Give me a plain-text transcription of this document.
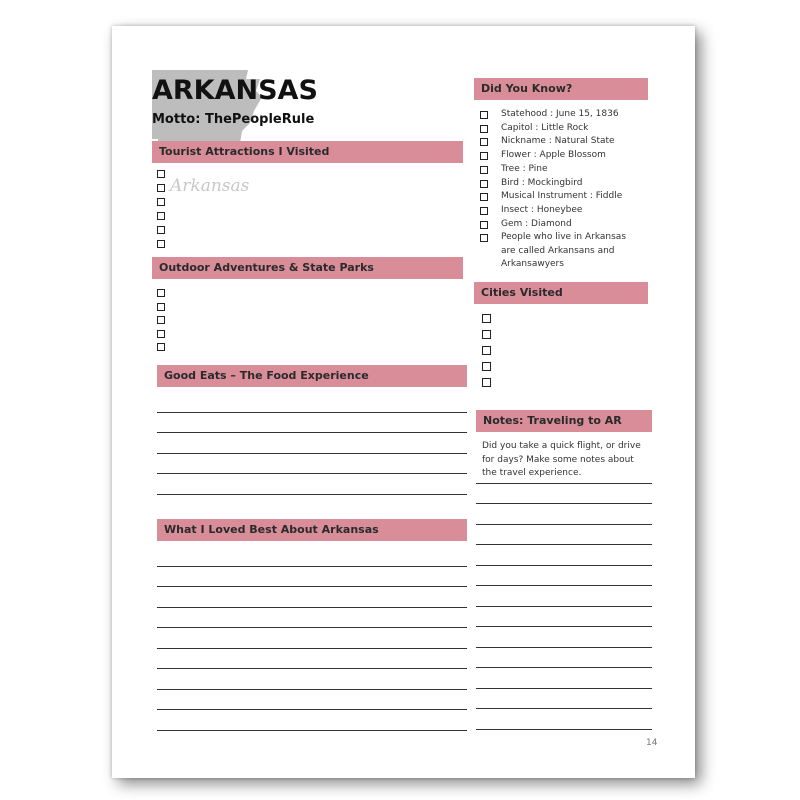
ARKANSAS

Motto: ThePeopleRule

Tourist Attractions I Visited
Arkansas
Outdoor Adventures & State Parks
Good Eats – The Food Experience
What I Loved Best About Arkansas
Did You Know?
Statehood : June 15, 1836
Capitol : Little Rock
Nickname : Natural State
Flower : Apple Blossom
Tree : Pine
Bird : Mockingbird
Musical Instrument : Fiddle
Insect : Honeybee
Gem : Diamond
People who live in Arkansas are called Arkansans and Arkansawyers
Cities Visited
Notes: Traveling to AR
Did you take a quick flight, or drive for days? Make some notes about the travel experience.
14
